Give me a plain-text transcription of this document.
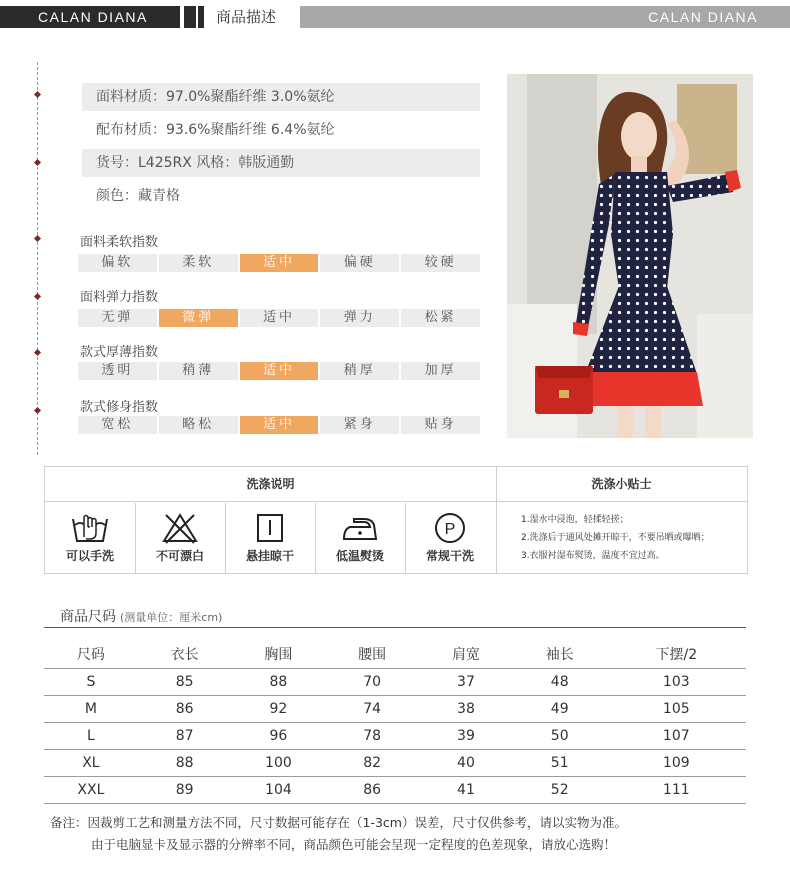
CALAN DIANA	商品描述	CALAN DIANA
面料材质：97.0%聚酯纤维 3.0%氨纶
配布材质：93.6%聚酯纤维 6.4%氨纶
货号：L425RX 风格：韩版通勤
颜色：藏青格
面料柔软指数
偏软	柔软	适中	偏硬	较硬
面料弹力指数
无弹	微弹	适中	弹力	松紧
款式厚薄指数
透明	稍薄	适中	稍厚	加厚
款式修身指数
宽松	略松	适中	紧身	贴身
洗涤说明	洗涤小贴士
可以手洗	不可漂白	悬挂晾干	低温熨烫
P
常规干洗
1.湿水中浸泡，轻揉轻搓；
2.洗涤后于通风处摊开晾干，不要吊晒或曝晒；
3.衣服衬湿布熨烫，温度不宜过高。
商品尺码 (测量单位：厘米cm)
尺码	衣长	胸围	腰围	肩宽	袖长	下摆/2
S	85	88	70	37	48	103
M	86	92	74	38	49	105
L	87	96	78	39	50	107
XL	88	100	82	40	51	109
XXL	89	104	86	41	52	111
备注：因裁剪工艺和测量方法不同，尺寸数据可能存在（1-3cm）误差，尺寸仅供参考，请以实物为准。
由于电脑显卡及显示器的分辨率不同，商品颜色可能会呈现一定程度的色差现象，请放心选购！
